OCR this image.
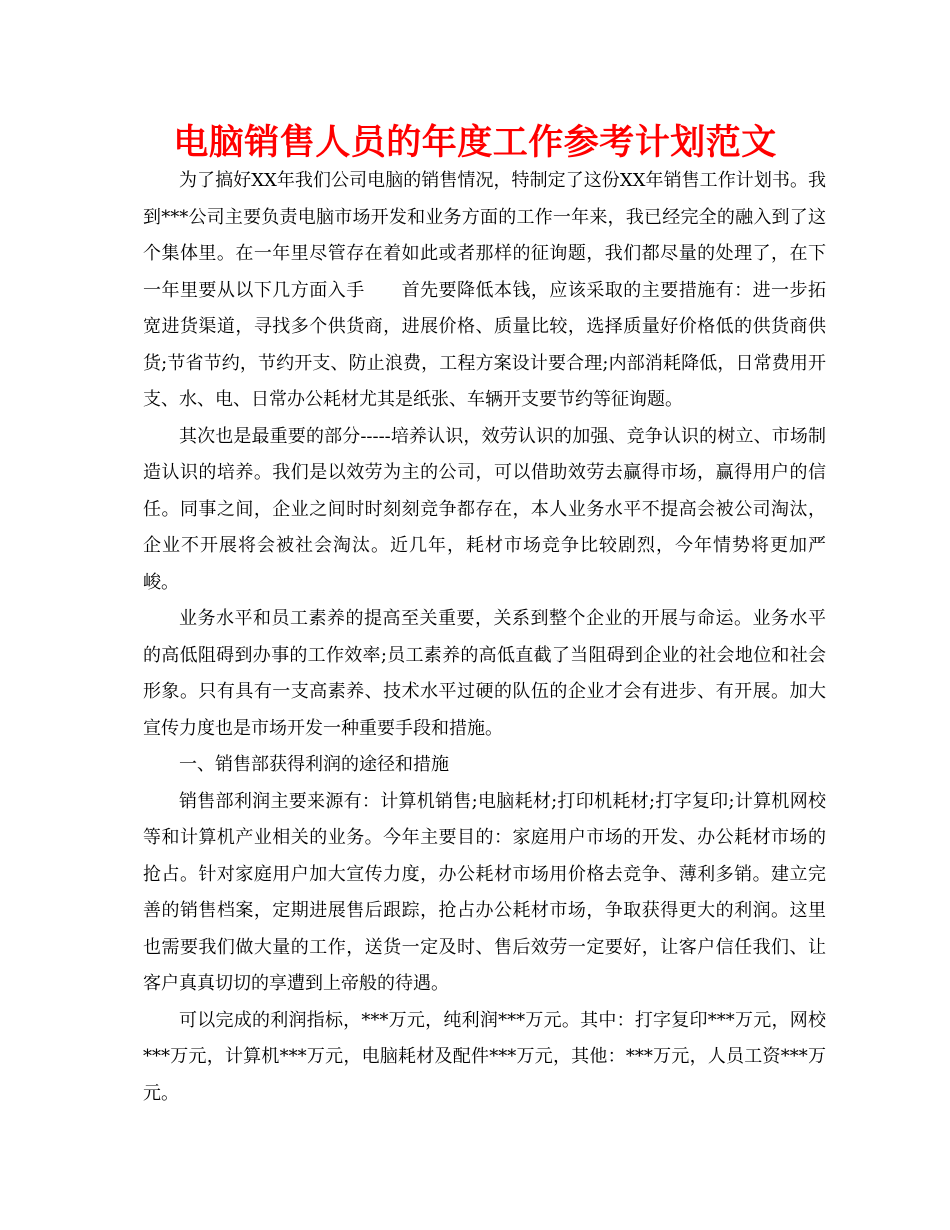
电脑销售人员的年度工作参考计划范文

为了搞好XX年我们公司电脑的销售情况，特制定了这份XX年销售工作计划书。我到***公司主要负责电脑市场开发和业务方面的工作一年来，我已经完全的融入到了这个集体里。在一年里尽管存在着如此或者那样的征询题，我们都尽量的处理了，在下一年里要从以下几方面入手　　首先要降低本钱，应该采取的主要措施有：进一步拓宽进货渠道，寻找多个供货商，进展价格、质量比较，选择质量好价格低的供货商供货;节省节约，节约开支、防止浪费，工程方案设计要合理;内部消耗降低，日常费用开支、水、电、日常办公耗材尤其是纸张、车辆开支要节约等征询题。

其次也是最重要的部分-----培养认识，效劳认识的加强、竞争认识的树立、市场制造认识的培养。我们是以效劳为主的公司，可以借助效劳去赢得市场，赢得用户的信任。同事之间，企业之间时时刻刻竞争都存在，本人业务水平不提高会被公司淘汰，企业不开展将会被社会淘汰。近几年，耗材市场竞争比较剧烈，今年情势将更加严峻。

业务水平和员工素养的提高至关重要，关系到整个企业的开展与命运。业务水平的高低阻碍到办事的工作效率;员工素养的高低直截了当阻碍到企业的社会地位和社会形象。只有具有一支高素养、技术水平过硬的队伍的企业才会有进步、有开展。加大宣传力度也是市场开发一种重要手段和措施。

一、销售部获得利润的途径和措施

销售部利润主要来源有：计算机销售;电脑耗材;打印机耗材;打字复印;计算机网校等和计算机产业相关的业务。今年主要目的：家庭用户市场的开发、办公耗材市场的抢占。针对家庭用户加大宣传力度，办公耗材市场用价格去竞争、薄利多销。建立完善的销售档案，定期进展售后跟踪，抢占办公耗材市场，争取获得更大的利润。这里也需要我们做大量的工作，送货一定及时、售后效劳一定要好，让客户信任我们、让客户真真切切的享遭到上帝般的待遇。

可以完成的利润指标，***万元，纯利润***万元。其中：打字复印***万元，网校***万元，计算机***万元，电脑耗材及配件***万元，其他：***万元，人员工资***万元。
